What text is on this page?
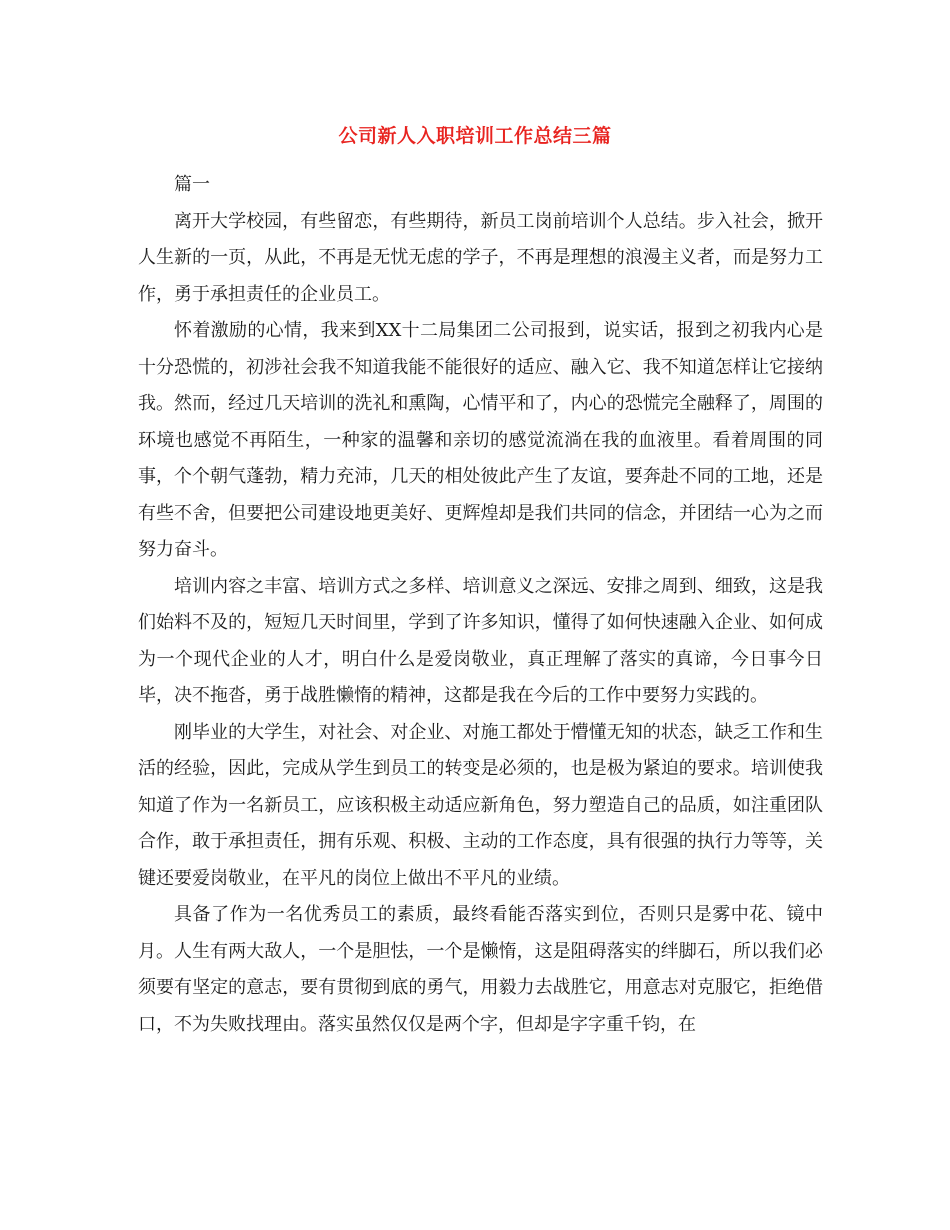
公司新人入职培训工作总结三篇

篇一

离开大学校园，有些留恋，有些期待，新员工岗前培训个人总结。步入社会，掀开人生新的一页，从此，不再是无忧无虑的学子，不再是理想的浪漫主义者，而是努力工作，勇于承担责任的企业员工。

怀着激励的心情，我来到XX十二局集团二公司报到，说实话，报到之初我内心是十分恐慌的，初涉社会我不知道我能不能很好的适应、融入它、我不知道怎样让它接纳我。然而，经过几天培训的洗礼和熏陶，心情平和了，内心的恐慌完全融释了，周围的环境也感觉不再陌生，一种家的温馨和亲切的感觉流淌在我的血液里。看着周围的同事，个个朝气蓬勃，精力充沛，几天的相处彼此产生了友谊，要奔赴不同的工地，还是有些不舍，但要把公司建设地更美好、更辉煌却是我们共同的信念，并团结一心为之而努力奋斗。

培训内容之丰富、培训方式之多样、培训意义之深远、安排之周到、细致，这是我们始料不及的，短短几天时间里，学到了许多知识，懂得了如何快速融入企业、如何成为一个现代企业的人才，明白什么是爱岗敬业，真正理解了落实的真谛，今日事今日毕，决不拖沓，勇于战胜懒惰的精神，这都是我在今后的工作中要努力实践的。

刚毕业的大学生，对社会、对企业、对施工都处于懵懂无知的状态，缺乏工作和生活的经验，因此，完成从学生到员工的转变是必须的，也是极为紧迫的要求。培训使我知道了作为一名新员工，应该积极主动适应新角色，努力塑造自己的品质，如注重团队合作，敢于承担责任，拥有乐观、积极、主动的工作态度，具有很强的执行力等等，关键还要爱岗敬业，在平凡的岗位上做出不平凡的业绩。

具备了作为一名优秀员工的素质，最终看能否落实到位，否则只是雾中花、镜中月。人生有两大敌人，一个是胆怯，一个是懒惰，这是阻碍落实的绊脚石，所以我们必须要有坚定的意志，要有贯彻到底的勇气，用毅力去战胜它，用意志对克服它，拒绝借口，不为失败找理由。落实虽然仅仅是两个字，但却是字字重千钧，在
